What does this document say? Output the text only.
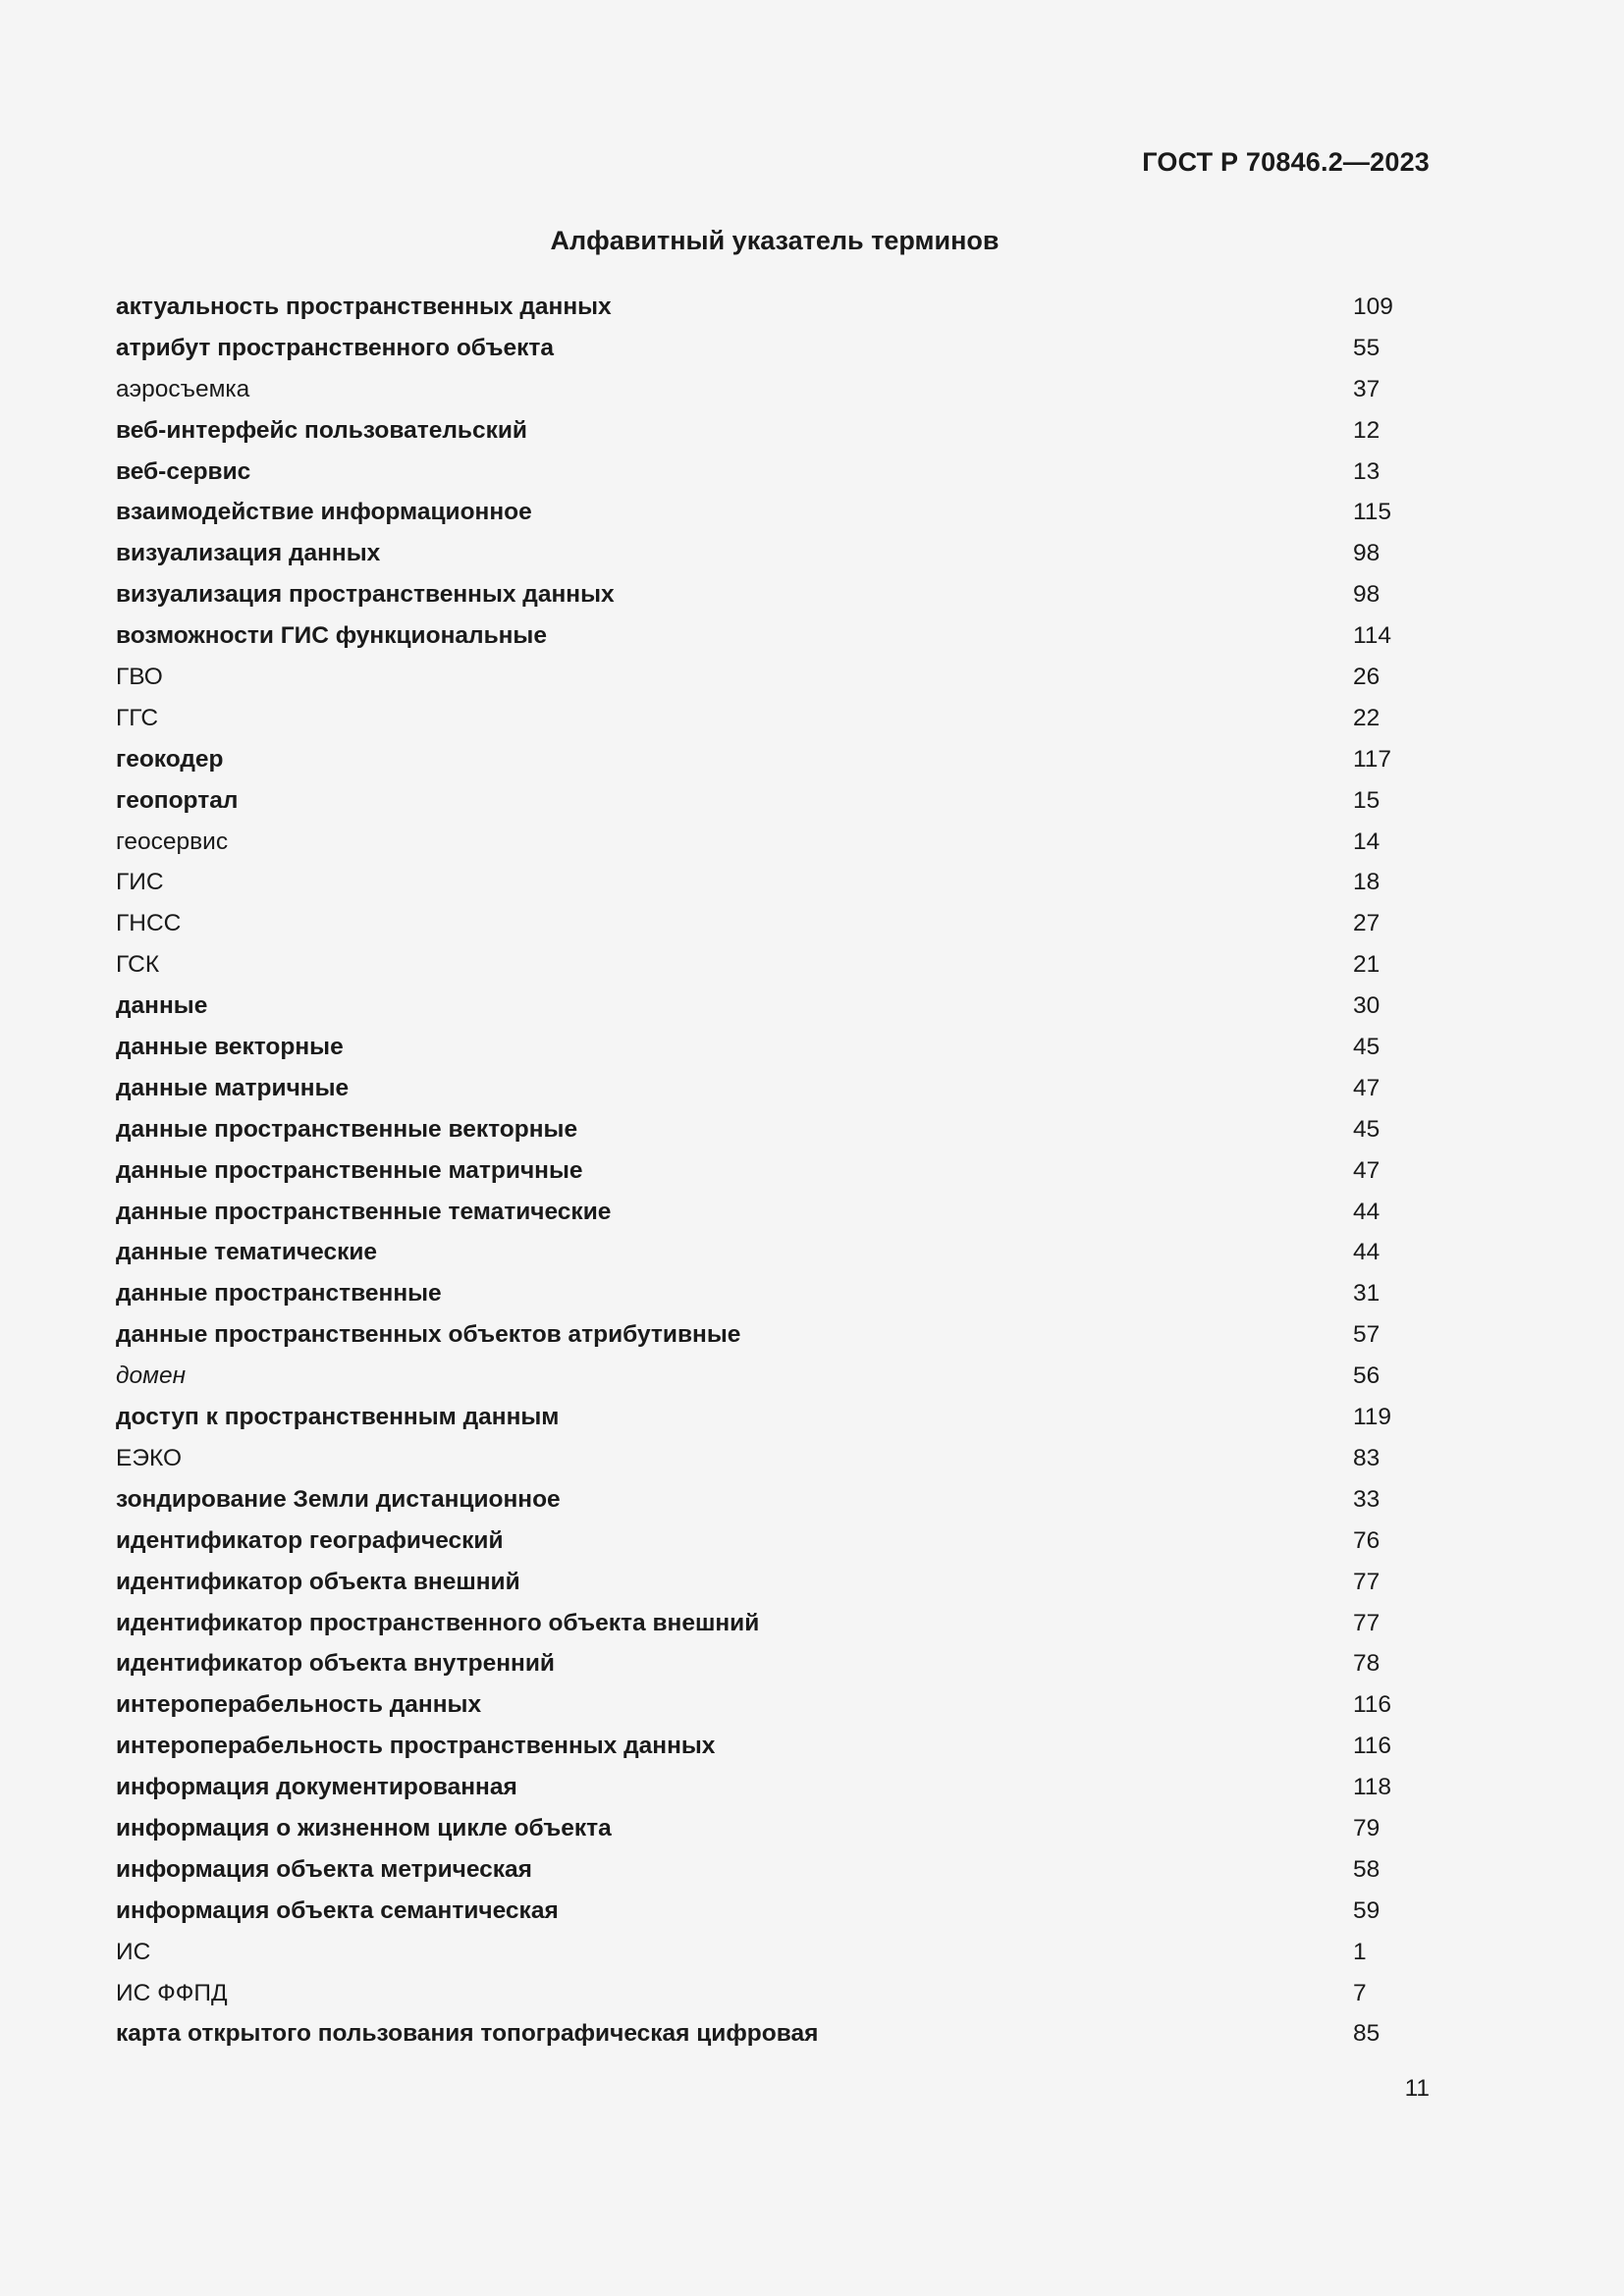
ГОСТ Р 70846.2—2023
Алфавитный указатель терминов
актуальность пространственных данных	109
атрибут пространственного объекта	55
аэросъемка	37
веб-интерфейс пользовательский	12
веб-сервис	13
взаимодействие информационное	115
визуализация данных	98
визуализация пространственных данных	98
возможности ГИС функциональные	114
ГВО	26
ГГС	22
геокодер	117
геопортал	15
геосервис	14
ГИС	18
ГНСС	27
ГСК	21
данные	30
данные векторные	45
данные матричные	47
данные пространственные векторные	45
данные пространственные матричные	47
данные пространственные тематические	44
данные тематические	44
данные пространственные	31
данные пространственных объектов атрибутивные	57
домен	56
доступ к пространственным данным	119
ЕЭКО	83
зондирование Земли дистанционное	33
идентификатор географический	76
идентификатор объекта внешний	77
идентификатор пространственного объекта внешний	77
идентификатор объекта внутренний	78
интероперабельность данных	116
интероперабельность пространственных данных	116
информация документированная	118
информация о жизненном цикле объекта	79
информация объекта метрическая	58
информация объекта семантическая	59
ИС	1
ИС ФФПД	7
карта открытого пользования топографическая цифровая	85
11
